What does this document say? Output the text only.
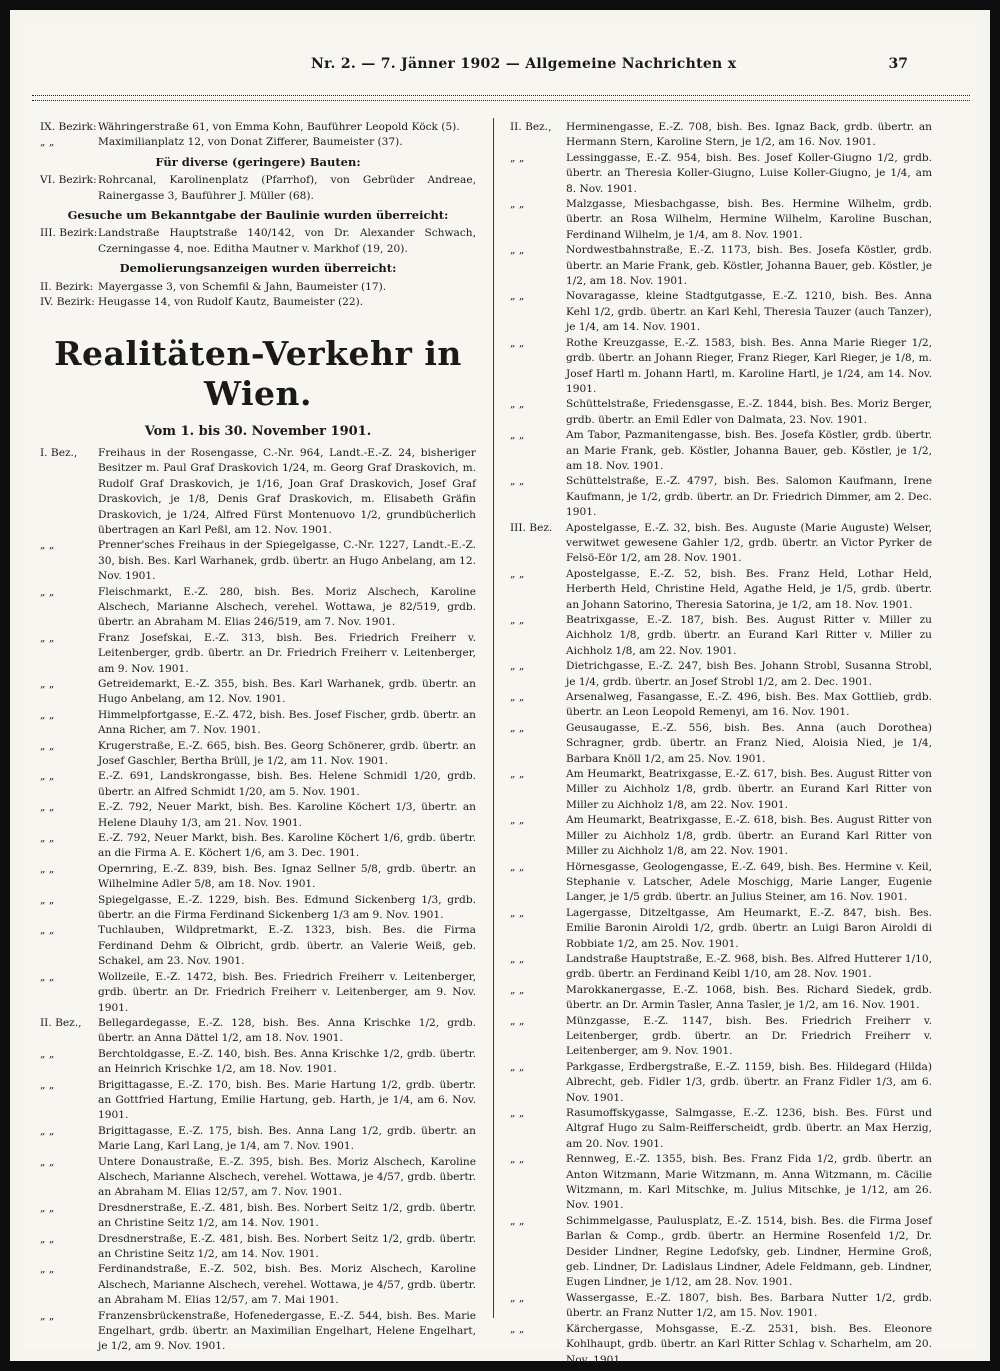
Nr. 2. — 7. Jänner 1902 — Allgemeine Nachrichten x	37
IX. Bezirk: Währingerstraße 61, von Emma Kohn, Bauführer Leopold Köck (5).
„ „	Maximilianplatz 12, von Donat Zifferer, Baumeister (37).
Für diverse (geringere) Bauten:
VI. Bezirk: Rohrcanal, Karolinenplatz (Pfarrhof), von Gebrüder Andreae, Rainergasse 3, Bauführer J. Müller (68).
Gesuche um Bekanntgabe der Baulinie wurden überreicht:
III. Bezirk: Landstraße Hauptstraße 140/142, von Dr. Alexander Schwach, Czerningasse 4, noe. Editha Mautner v. Markhof (19, 20).
Demolierungsanzeigen wurden überreicht:
II. Bezirk: Mayergasse 3, von Schemfil & Jahn, Baumeister (17).
IV. Bezirk: Heugasse 14, von Rudolf Kautz, Baumeister (22).
Realitäten-Verkehr in Wien.
Vom 1. bis 30. November 1901.
I. Bez.,	Freihaus in der Rosengasse, C.-Nr. 964, Landt.-E.-Z. 24, bisheriger Besitzer m. Paul Graf Draskovich 1/24, m. Georg Graf Draskovich, m. Rudolf Graf Draskovich, je 1/16, Joan Graf Draskovich, Josef Graf Draskovich, je 1/8, Denis Graf Draskovich, m. Elisabeth Gräfin Draskovich, je 1/24, Alfred Fürst Montenuovo 1/2, grundbücherlich übertragen an Karl Peßl, am 12. Nov. 1901.
„ „	Prenner'sches Freihaus in der Spiegelgasse, C.-Nr. 1227, Landt.-E.-Z. 30, bish. Bes. Karl Warhanek, grdb. übertr. an Hugo Anbelang, am 12. Nov. 1901.
„ „	Fleischmarkt, E.-Z. 280, bish. Bes. Moriz Alschech, Karoline Alschech, Marianne Alschech, verehel. Wottawa, je 82/519, grdb. übertr. an Abraham M. Elias 246/519, am 7. Nov. 1901.
„ „	Franz Josefskai, E.-Z. 313, bish. Bes. Friedrich Freiherr v. Leitenberger, grdb. übertr. an Dr. Friedrich Freiherr v. Leitenberger, am 9. Nov. 1901.
„ „	Getreidemarkt, E.-Z. 355, bish. Bes. Karl Warhanek, grdb. übertr. an Hugo Anbelang, am 12. Nov. 1901.
„ „	Himmelpfortgasse, E.-Z. 472, bish. Bes. Josef Fischer, grdb. übertr. an Anna Richer, am 7. Nov. 1901.
„ „	Krugerstraße, E.-Z. 665, bish. Bes. Georg Schönerer, grdb. übertr. an Josef Gaschler, Bertha Brüll, je 1/2, am 11. Nov. 1901.
„ „	E.-Z. 691, Landskrongasse, bish. Bes. Helene Schmidl 1/20, grdb. übertr. an Alfred Schmidt 1/20, am 5. Nov. 1901.
„ „	E.-Z. 792, Neuer Markt, bish. Bes. Karoline Köchert 1/3, übertr. an Helene Dlauhy 1/3, am 21. Nov. 1901.
„ „	E.-Z. 792, Neuer Markt, bish. Bes. Karoline Köchert 1/6, grdb. übertr. an die Firma A. E. Köchert 1/6, am 3. Dec. 1901.
„ „	Opernring, E.-Z. 839, bish. Bes. Ignaz Sellner 5/8, grdb. übertr. an Wilhelmine Adler 5/8, am 18. Nov. 1901.
„ „	Spiegelgasse, E.-Z. 1229, bish. Bes. Edmund Sickenberg 1/3, grdb. übertr. an die Firma Ferdinand Sickenberg 1/3 am 9. Nov. 1901.
„ „	Tuchlauben, Wildpretmarkt, E.-Z. 1323, bish. Bes. die Firma Ferdinand Dehm & Olbricht, grdb. übertr. an Valerie Weiß, geb. Schakel, am 23. Nov. 1901.
„ „	Wollzeile, E.-Z. 1472, bish. Bes. Friedrich Freiherr v. Leitenberger, grdb. übertr. an Dr. Friedrich Freiherr v. Leitenberger, am 9. Nov. 1901.
II. Bez.,	Bellegardegasse, E.-Z. 128, bish. Bes. Anna Krischke 1/2, grdb. übertr. an Anna Dättel 1/2, am 18. Nov. 1901.
„ „	Berchtoldgasse, E.-Z. 140, bish. Bes. Anna Krischke 1/2, grdb. übertr. an Heinrich Krischke 1/2, am 18. Nov. 1901.
„ „	Brigittagasse, E.-Z. 170, bish. Bes. Marie Hartung 1/2, grdb. übertr. an Gottfried Hartung, Emilie Hartung, geb. Harth, je 1/4, am 6. Nov. 1901.
„ „	Brigittagasse, E.-Z. 175, bish. Bes. Anna Lang 1/2, grdb. übertr. an Marie Lang, Karl Lang, je 1/4, am 7. Nov. 1901.
„ „	Untere Donaustraße, E.-Z. 395, bish. Bes. Moriz Alschech, Karoline Alschech, Marianne Alschech, verehel. Wottawa, je 4/57, grdb. übertr. an Abraham M. Elias 12/57, am 7. Nov. 1901.
„ „	Dresdnerstraße, E.-Z. 481, bish. Bes. Norbert Seitz 1/2, grdb. übertr. an Christine Seitz 1/2, am 14. Nov. 1901.
„ „	Dresdnerstraße, E.-Z. 481, bish. Bes. Norbert Seitz 1/2, grdb. übertr. an Christine Seitz 1/2, am 14. Nov. 1901.
„ „	Ferdinandstraße, E.-Z. 502, bish. Bes. Moriz Alschech, Karoline Alschech, Marianne Alschech, verehel. Wottawa, je 4/57, grdb. übertr. an Abraham M. Elias 12/57, am 7. Mai 1901.
„ „	Franzensbrückenstraße, Hofenedergasse, E.-Z. 544, bish. Bes. Marie Engelhart, grdb. übertr. an Maximilian Engelhart, Helene Engelhart, je 1/2, am 9. Nov. 1901.
II. Bez.,	Herminengasse, E.-Z. 708, bish. Bes. Ignaz Back, grdb. übertr. an Hermann Stern, Karoline Stern, je 1/2, am 16. Nov. 1901.
„ „	Lessinggasse, E.-Z. 954, bish. Bes. Josef Koller-Giugno 1/2, grdb. übertr. an Theresia Koller-Giugno, Luise Koller-Giugno, je 1/4, am 8. Nov. 1901.
„ „	Malzgasse, Miesbachgasse, bish. Bes. Hermine Wilhelm, grdb. übertr. an Rosa Wilhelm, Hermine Wilhelm, Karoline Buschan, Ferdinand Wilhelm, je 1/4, am 8. Nov. 1901.
„ „	Nordwestbahnstraße, E.-Z. 1173, bish. Bes. Josefa Köstler, grdb. übertr. an Marie Frank, geb. Köstler, Johanna Bauer, geb. Köstler, je 1/2, am 18. Nov. 1901.
„ „	Novaragasse, kleine Stadtgutgasse, E.-Z. 1210, bish. Bes. Anna Kehl 1/2, grdb. übertr. an Karl Kehl, Theresia Tauzer (auch Tanzer), je 1/4, am 14. Nov. 1901.
„ „	Rothe Kreuzgasse, E.-Z. 1583, bish. Bes. Anna Marie Rieger 1/2, grdb. übertr. an Johann Rieger, Franz Rieger, Karl Rieger, je 1/8, m. Josef Hartl m. Johann Hartl, m. Karoline Hartl, je 1/24, am 14. Nov. 1901.
„ „	Schüttelstraße, Friedensgasse, E.-Z. 1844, bish. Bes. Moriz Berger, grdb. übertr. an Emil Edler von Dalmata, 23. Nov. 1901.
„ „	Am Tabor, Pazmanitengasse, bish. Bes. Josefa Köstler, grdb. übertr. an Marie Frank, geb. Köstler, Johanna Bauer, geb. Köstler, je 1/2, am 18. Nov. 1901.
„ „	Schüttelstraße, E.-Z. 4797, bish. Bes. Salomon Kaufmann, Irene Kaufmann, je 1/2, grdb. übertr. an Dr. Friedrich Dimmer, am 2. Dec. 1901.
III. Bez.	Apostelgasse, E.-Z. 32, bish. Bes. Auguste (Marie Auguste) Welser, verwitwet gewesene Gahler 1/2, grdb. übertr. an Victor Pyrker de Felsö-Eör 1/2, am 28. Nov. 1901.
„ „	Apostelgasse, E.-Z. 52, bish. Bes. Franz Held, Lothar Held, Herberth Held, Christine Held, Agathe Held, je 1/5, grdb. übertr. an Johann Satorino, Theresia Satorina, je 1/2, am 18. Nov. 1901.
„ „	Beatrixgasse, E.-Z. 187, bish. Bes. August Ritter v. Miller zu Aichholz 1/8, grdb. übertr. an Eurand Karl Ritter v. Miller zu Aichholz 1/8, am 22. Nov. 1901.
„ „	Dietrichgasse, E.-Z. 247, bish Bes. Johann Strobl, Susanna Strobl, je 1/4, grdb. übertr. an Josef Strobl 1/2, am 2. Dec. 1901.
„ „	Arsenalweg, Fasangasse, E.-Z. 496, bish. Bes. Max Gottlieb, grdb. übertr. an Leon Leopold Remenyi, am 16. Nov. 1901.
„ „	Geusaugasse, E.-Z. 556, bish. Bes. Anna (auch Dorothea) Schragner, grdb. übertr. an Franz Nied, Aloisia Nied, je 1/4, Barbara Knöll 1/2, am 25. Nov. 1901.
„ „	Am Heumarkt, Beatrixgasse, E.-Z. 617, bish. Bes. August Ritter von Miller zu Aichholz 1/8, grdb. übertr. an Eurand Karl Ritter von Miller zu Aichholz 1/8, am 22. Nov. 1901.
„ „	Am Heumarkt, Beatrixgasse, E.-Z. 618, bish. Bes. August Ritter von Miller zu Aichholz 1/8, grdb. übertr. an Eurand Karl Ritter von Miller zu Aichholz 1/8, am 22. Nov. 1901.
„ „	Hörnesgasse, Geologengasse, E.-Z. 649, bish. Bes. Hermine v. Keil, Stephanie v. Latscher, Adele Moschigg, Marie Langer, Eugenie Langer, je 1/5 grdb. übertr. an Julius Steiner, am 16. Nov. 1901.
„ „	Lagergasse, Ditzeltgasse, Am Heumarkt, E.-Z. 847, bish. Bes. Emilie Baronin Airoldi 1/2, grdb. übertr. an Luigi Baron Airoldi di Robbiate 1/2, am 25. Nov. 1901.
„ „	Landstraße Hauptstraße, E.-Z. 968, bish. Bes. Alfred Hutterer 1/10, grdb. übertr. an Ferdinand Keibl 1/10, am 28. Nov. 1901.
„ „	Marokkanergasse, E.-Z. 1068, bish. Bes. Richard Siedek, grdb. übertr. an Dr. Armin Tasler, Anna Tasler, je 1/2, am 16. Nov. 1901.
„ „	Münzgasse, E.-Z. 1147, bish. Bes. Friedrich Freiherr v. Leitenberger, grdb. übertr. an Dr. Friedrich Freiherr v. Leitenberger, am 9. Nov. 1901.
„ „	Parkgasse, Erdbergstraße, E.-Z. 1159, bish. Bes. Hildegard (Hilda) Albrecht, geb. Fidler 1/3, grdb. übertr. an Franz Fidler 1/3, am 6. Nov. 1901.
„ „	Rasumoffskygasse, Salmgasse, E.-Z. 1236, bish. Bes. Fürst und Altgraf Hugo zu Salm-Reifferscheidt, grdb. übertr. an Max Herzig, am 20. Nov. 1901.
„ „	Rennweg, E.-Z. 1355, bish. Bes. Franz Fida 1/2, grdb. übertr. an Anton Witzmann, Marie Witzmann, m. Anna Witzmann, m. Cäcilie Witzmann, m. Karl Mitschke, m. Julius Mitschke, je 1/12, am 26. Nov. 1901.
„ „	Schimmelgasse, Paulusplatz, E.-Z. 1514, bish. Bes. die Firma Josef Barlan & Comp., grdb. übertr. an Hermine Rosenfeld 1/2, Dr. Desider Lindner, Regine Ledofsky, geb. Lindner, Hermine Groß, geb. Lindner, Dr. Ladislaus Lindner, Adele Feldmann, geb. Lindner, Eugen Lindner, je 1/12, am 28. Nov. 1901.
„ „	Wassergasse, E.-Z. 1807, bish. Bes. Barbara Nutter 1/2, grdb. übertr. an Franz Nutter 1/2, am 15. Nov. 1901.
„ „	Kärchergasse, Mohsgasse, E.-Z. 2531, bish. Bes. Eleonore Kohlhaupt, grdb. übertr. an Karl Ritter Schlag v. Scharhelm, am 20. Nov. 1901.
